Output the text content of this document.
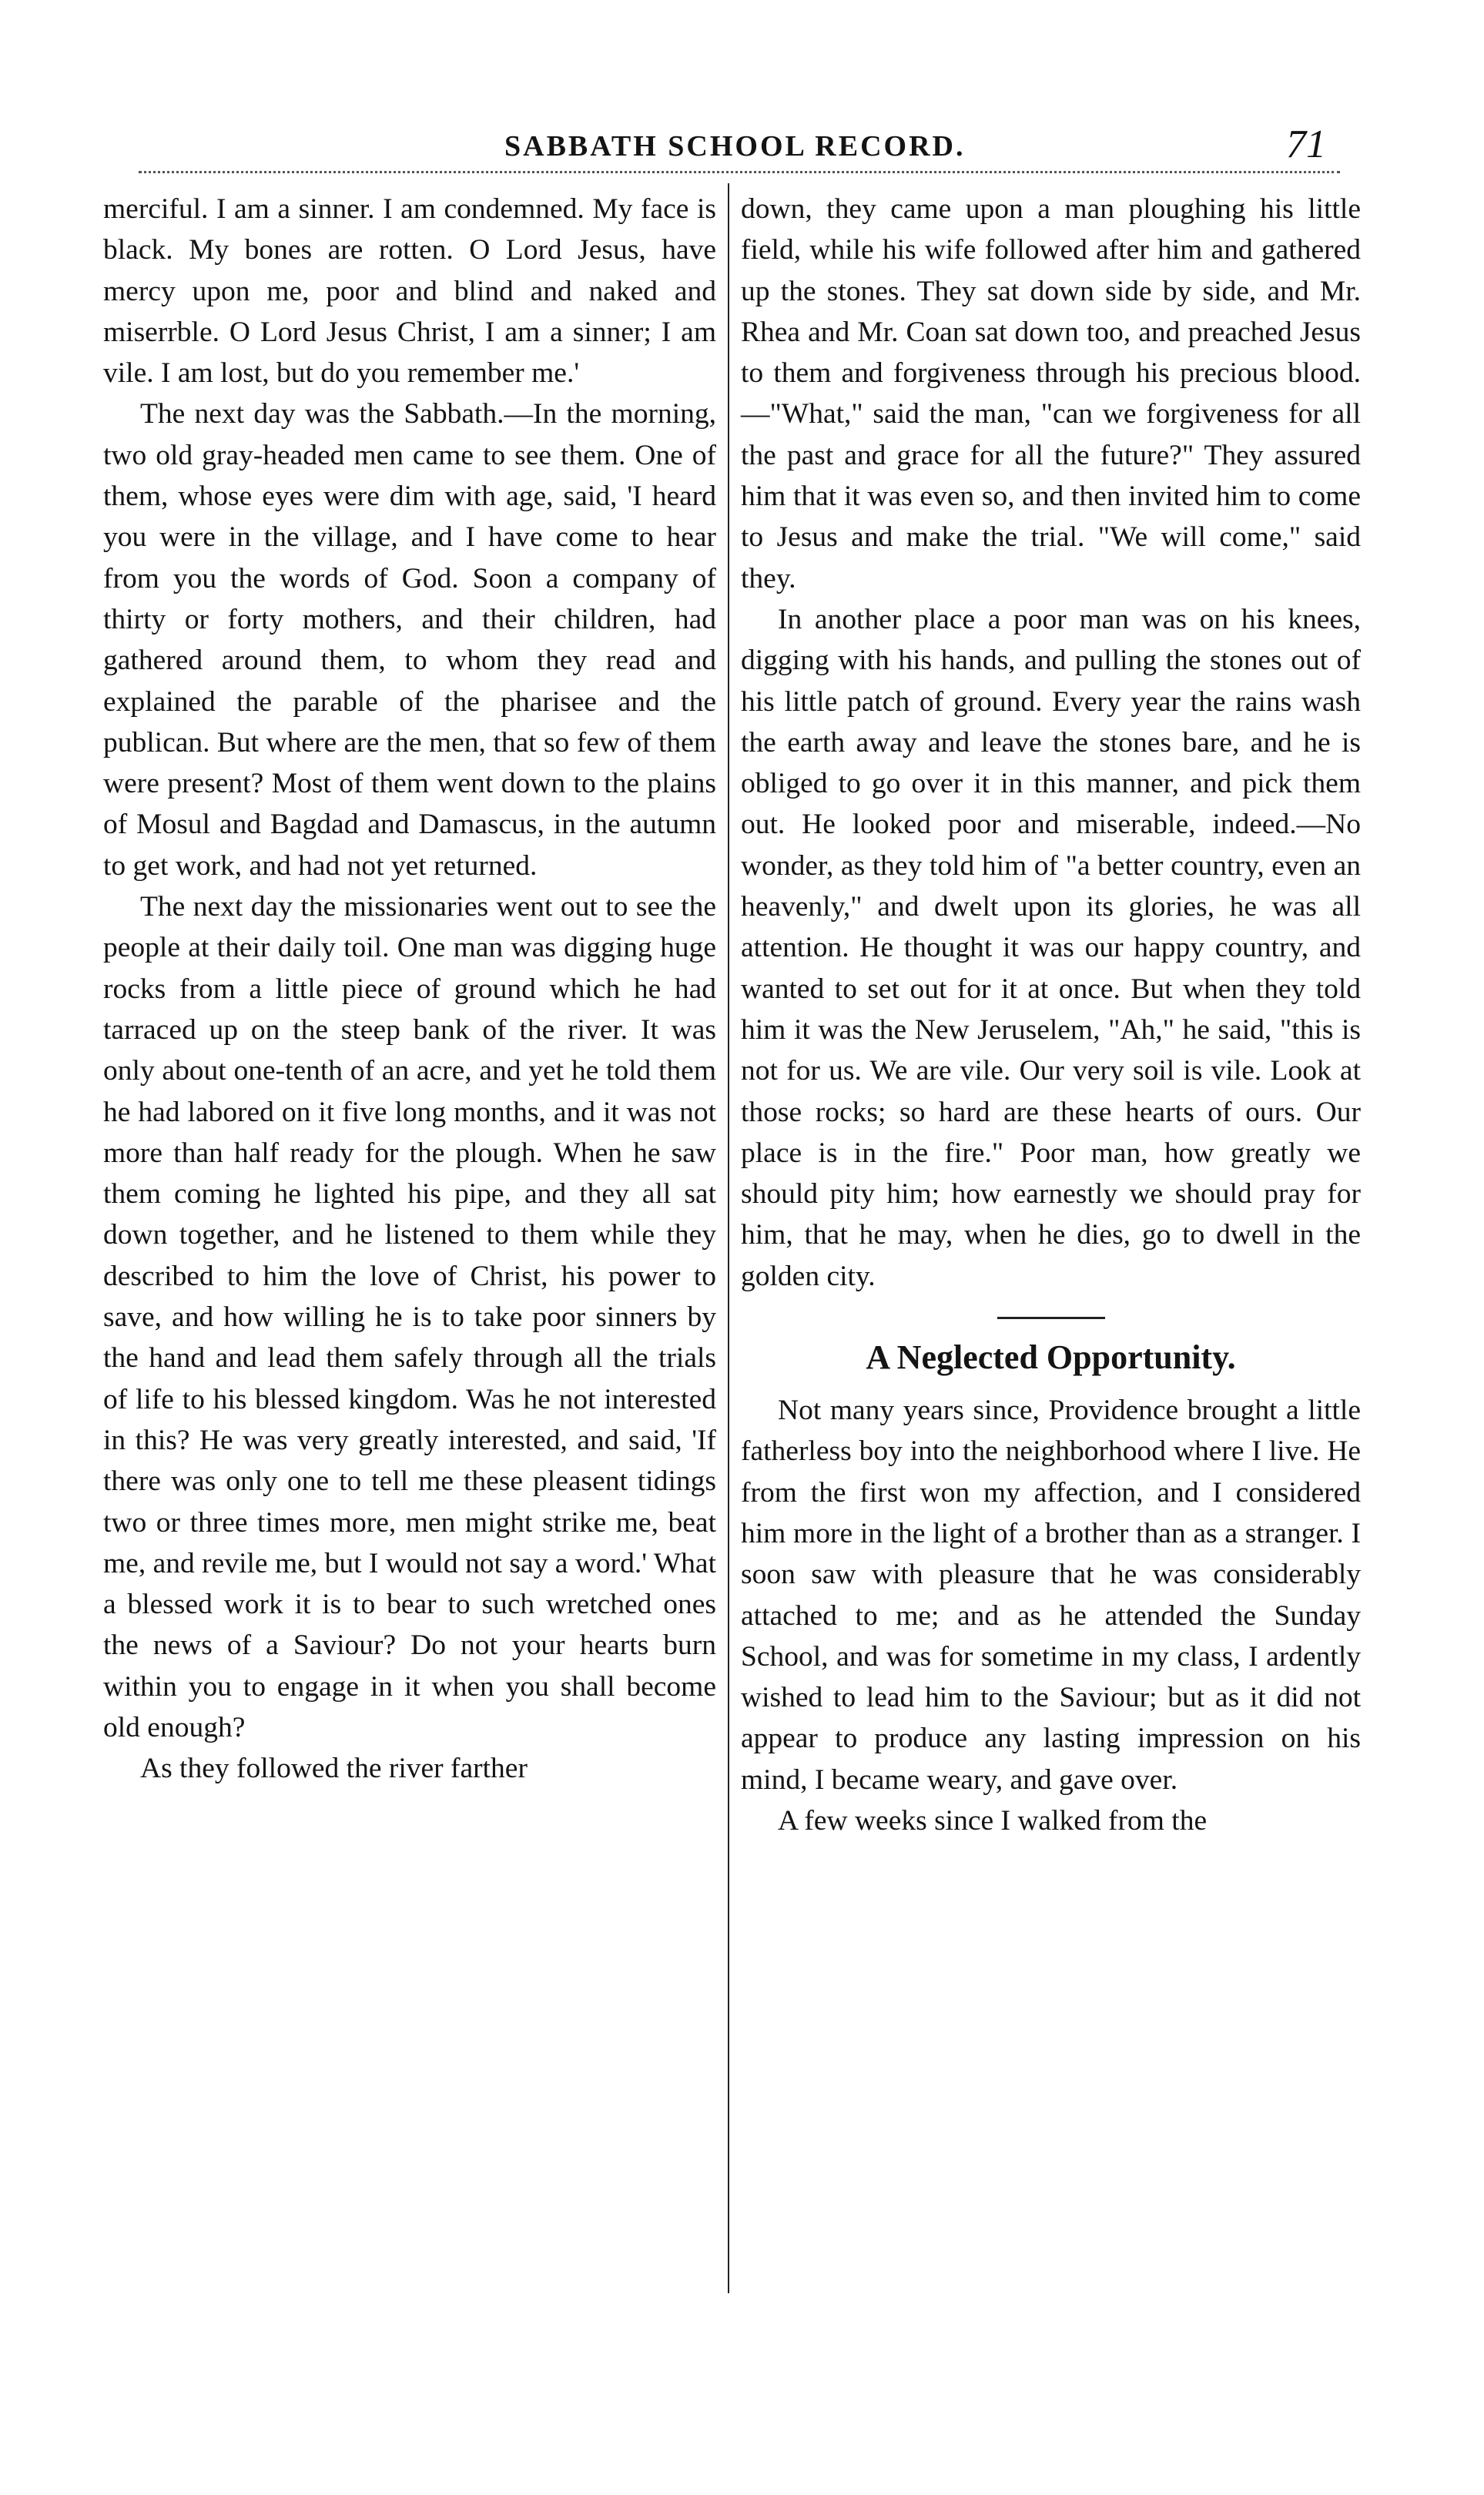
SABBATH SCHOOL RECORD.	71

merciful. I am a sinner. I am condemned. My face is black. My bones are rotten. O Lord Jesus, have mercy upon me, poor and blind and naked and miserrble. O Lord Jesus Christ, I am a sinner; I am vile. I am lost, but do you remember me.'

The next day was the Sabbath.—In the morning, two old gray-headed men came to see them. One of them, whose eyes were dim with age, said, 'I heard you were in the village, and I have come to hear from you the words of God. Soon a company of thirty or forty mothers, and their children, had gathered around them, to whom they read and explained the parable of the pharisee and the publican. But where are the men, that so few of them were present? Most of them went down to the plains of Mosul and Bagdad and Damascus, in the autumn to get work, and had not yet returned.

The next day the missionaries went out to see the people at their daily toil. One man was digging huge rocks from a little piece of ground which he had tarraced up on the steep bank of the river. It was only about one-tenth of an acre, and yet he told them he had labored on it five long months, and it was not more than half ready for the plough. When he saw them coming he lighted his pipe, and they all sat down together, and he listened to them while they described to him the love of Christ, his power to save, and how willing he is to take poor sinners by the hand and lead them safely through all the trials of life to his blessed kingdom. Was he not interested in this? He was very greatly interested, and said, 'If there was only one to tell me these pleasent tidings two or three times more, men might strike me, beat me, and revile me, but I would not say a word.' What a blessed work it is to bear to such wretched ones the news of a Saviour? Do not your hearts burn within you to engage in it when you shall become old enough?

As they followed the river farther

down, they came upon a man ploughing his little field, while his wife followed after him and gathered up the stones. They sat down side by side, and Mr. Rhea and Mr. Coan sat down too, and preached Jesus to them and forgiveness through his precious blood.—"What," said the man, "can we forgiveness for all the past and grace for all the future?" They assured him that it was even so, and then invited him to come to Jesus and make the trial. "We will come," said they.

In another place a poor man was on his knees, digging with his hands, and pulling the stones out of his little patch of ground. Every year the rains wash the earth away and leave the stones bare, and he is obliged to go over it in this manner, and pick them out. He looked poor and miserable, indeed.—No wonder, as they told him of "a better country, even an heavenly," and dwelt upon its glories, he was all attention. He thought it was our happy country, and wanted to set out for it at once. But when they told him it was the New Jeruselem, "Ah," he said, "this is not for us. We are vile. Our very soil is vile. Look at those rocks; so hard are these hearts of ours. Our place is in the fire." Poor man, how greatly we should pity him; how earnestly we should pray for him, that he may, when he dies, go to dwell in the golden city.

A Neglected Opportunity.

Not many years since, Providence brought a little fatherless boy into the neighborhood where I live. He from the first won my affection, and I considered him more in the light of a brother than as a stranger. I soon saw with pleasure that he was considerably attached to me; and as he attended the Sunday School, and was for sometime in my class, I ardently wished to lead him to the Saviour; but as it did not appear to produce any lasting impression on his mind, I became weary, and gave over.

A few weeks since I walked from the
